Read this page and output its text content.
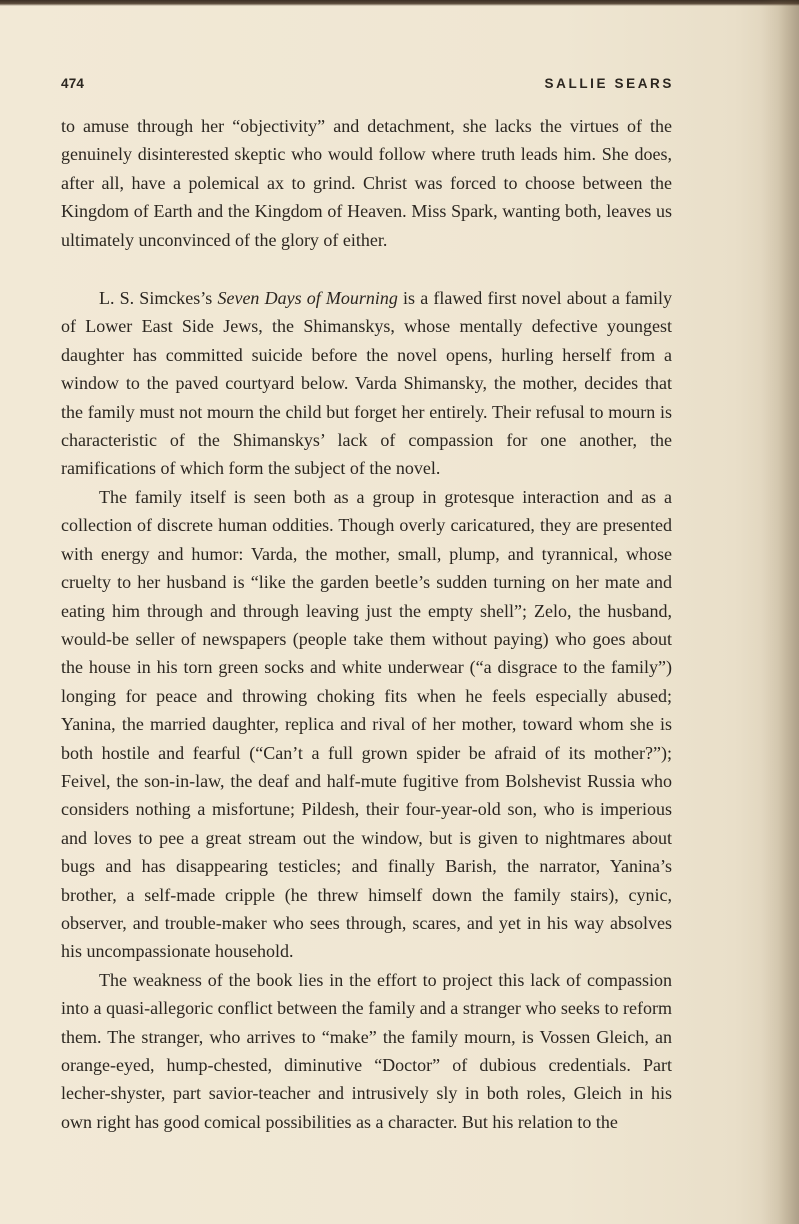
474	SALLIE SEARS

to amuse through her “objectivity” and detachment, she lacks the virtues of the genuinely disinterested skeptic who would follow where truth leads him. She does, after all, have a polemical ax to grind. Christ was forced to choose between the Kingdom of Earth and the Kingdom of Heaven. Miss Spark, wanting both, leaves us ultimately unconvinced of the glory of either.

L. S. Simckes’s Seven Days of Mourning is a flawed first novel about a family of Lower East Side Jews, the Shimanskys, whose mentally defective youngest daughter has committed suicide before the novel opens, hurling herself from a window to the paved courtyard below. Varda Shimansky, the mother, decides that the family must not mourn the child but forget her entirely. Their refusal to mourn is characteristic of the Shimanskys’ lack of compassion for one another, the ramifications of which form the subject of the novel.

The family itself is seen both as a group in grotesque interaction and as a collection of discrete human oddities. Though overly caricatured, they are presented with energy and humor: Varda, the mother, small, plump, and tyrannical, whose cruelty to her husband is “like the garden beetle’s sudden turning on her mate and eating him through and through leaving just the empty shell”; Zelo, the husband, would-be seller of newspapers (people take them without paying) who goes about the house in his torn green socks and white underwear (“a disgrace to the family”) longing for peace and throwing choking fits when he feels especially abused; Yanina, the married daughter, replica and rival of her mother, toward whom she is both hostile and fearful (“Can’t a full grown spider be afraid of its mother?”); Feivel, the son-in-law, the deaf and half-mute fugitive from Bolshevist Russia who considers nothing a misfortune; Pildesh, their four-year-old son, who is imperious and loves to pee a great stream out the window, but is given to nightmares about bugs and has disappearing testicles; and finally Barish, the narrator, Yanina’s brother, a self-made cripple (he threw himself down the family stairs), cynic, observer, and trouble-maker who sees through, scares, and yet in his way absolves his uncompassionate household.

The weakness of the book lies in the effort to project this lack of compassion into a quasi-allegoric conflict between the family and a stranger who seeks to reform them. The stranger, who arrives to “make” the family mourn, is Vossen Gleich, an orange-eyed, hump-chested, diminutive “Doctor” of dubious credentials. Part lecher-shyster, part savior-teacher and intrusively sly in both roles, Gleich in his own right has good comical possibilities as a character. But his relation to the
